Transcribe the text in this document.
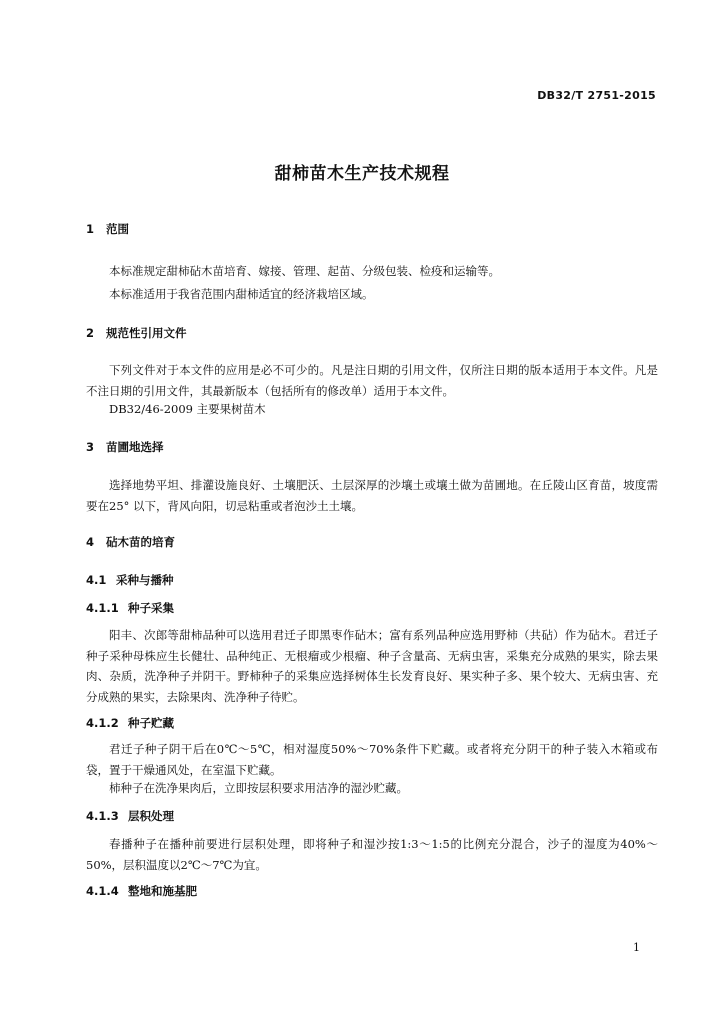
DB32/T 2751-2015
甜柿苗木生产技术规程
1 范围
本标准规定甜柿砧木苗培育、嫁接、管理、起苗、分级包装、检疫和运输等。
本标准适用于我省范围内甜柿适宜的经济栽培区域。
2 规范性引用文件
下列文件对于本文件的应用是必不可少的。凡是注日期的引用文件，仅所注日期的版本适用于本文件。凡是不注日期的引用文件，其最新版本（包括所有的修改单）适用于本文件。
DB32/46-2009 主要果树苗木
3 苗圃地选择
选择地势平坦、排灌设施良好、土壤肥沃、土层深厚的沙壤土或壤土做为苗圃地。在丘陵山区育苗，坡度需要在25° 以下，背风向阳，切忌粘重或者泡沙土土壤。
4 砧木苗的培育
4.1 采种与播种
4.1.1 种子采集
阳丰、次郎等甜柿品种可以选用君迁子即黑枣作砧木；富有系列品种应选用野柿（共砧）作为砧木。君迁子种子采种母株应生长健壮、品种纯正、无根瘤或少根瘤、种子含量高、无病虫害，采集充分成熟的果实，除去果肉、杂质，洗净种子并阴干。野柿种子的采集应选择树体生长发育良好、果实种子多、果个较大、无病虫害、充分成熟的果实，去除果肉、洗净种子待贮。
4.1.2 种子贮藏
君迁子种子阴干后在0℃～5℃，相对湿度50%～70%条件下贮藏。或者将充分阴干的种子装入木箱或布袋，置于干燥通风处，在室温下贮藏。
柿种子在洗净果肉后，立即按层积要求用洁净的湿沙贮藏。
4.1.3 层积处理
春播种子在播种前要进行层积处理，即将种子和湿沙按1:3～1:5的比例充分混合，沙子的湿度为40%～50%，层积温度以2℃～7℃为宜。
4.1.4 整地和施基肥
1
